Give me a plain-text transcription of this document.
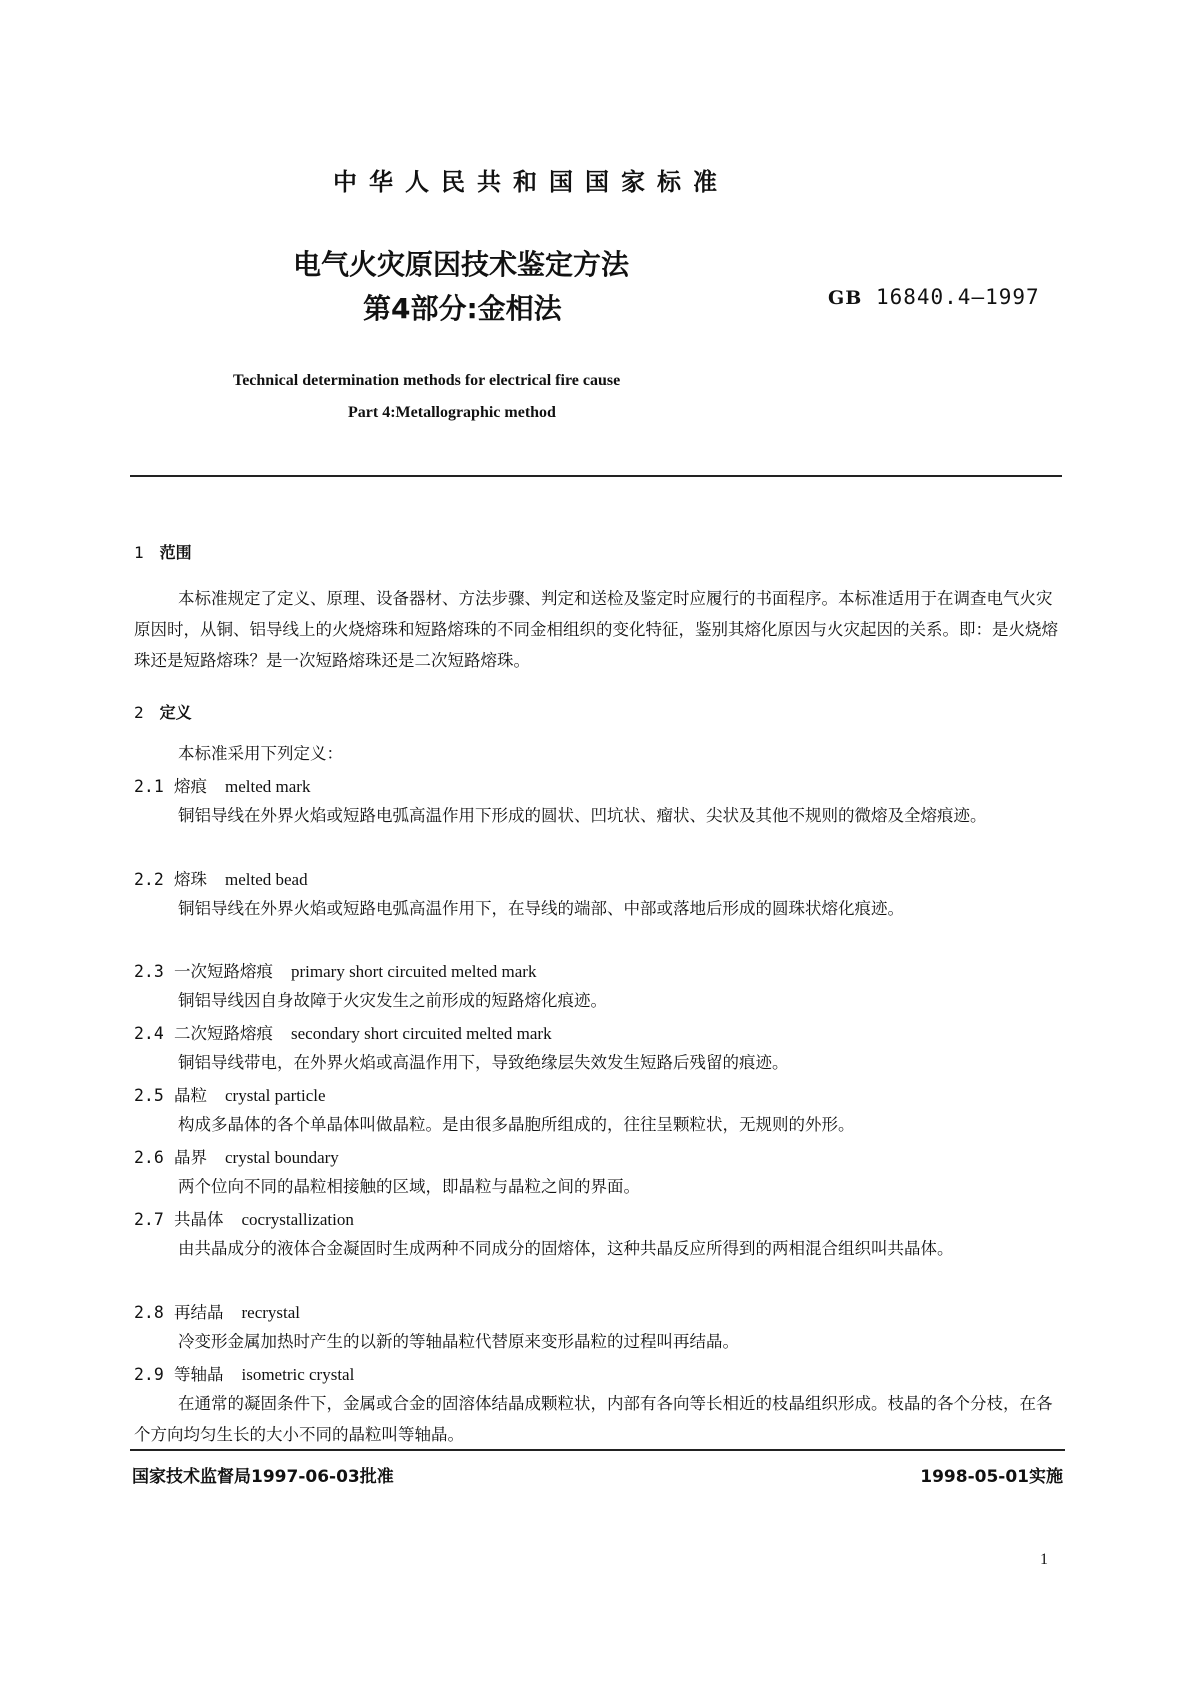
中华人民共和国国家标准
电气火灾原因技术鉴定方法
第4部分:金相法	GB 16840.4—1997
Technical determination methods for electrical fire cause
Part 4:Metallographic method
1 范围
本标准规定了定义、原理、设备器材、方法步骤、判定和送检及鉴定时应履行的书面程序。本标准适用于在调查电气火灾原因时，从铜、铝导线上的火烧熔珠和短路熔珠的不同金相组织的变化特征，鉴别其熔化原因与火灾起因的关系。即：是火烧熔珠还是短路熔珠？是一次短路熔珠还是二次短路熔珠。
2 定义
本标准采用下列定义：
2.1 熔痕 melted mark
铜铝导线在外界火焰或短路电弧高温作用下形成的圆状、凹坑状、瘤状、尖状及其他不规则的微熔及全熔痕迹。
2.2 熔珠 melted bead
铜铝导线在外界火焰或短路电弧高温作用下，在导线的端部、中部或落地后形成的圆珠状熔化痕迹。
2.3 一次短路熔痕 primary short circuited melted mark
铜铝导线因自身故障于火灾发生之前形成的短路熔化痕迹。
2.4 二次短路熔痕 secondary short circuited melted mark
铜铝导线带电，在外界火焰或高温作用下，导致绝缘层失效发生短路后残留的痕迹。
2.5 晶粒 crystal particle
构成多晶体的各个单晶体叫做晶粒。是由很多晶胞所组成的，往往呈颗粒状，无规则的外形。
2.6 晶界 crystal boundary
两个位向不同的晶粒相接触的区域，即晶粒与晶粒之间的界面。
2.7 共晶体 cocrystallization
由共晶成分的液体合金凝固时生成两种不同成分的固熔体，这种共晶反应所得到的两相混合组织叫共晶体。
2.8 再结晶 recrystal
冷变形金属加热时产生的以新的等轴晶粒代替原来变形晶粒的过程叫再结晶。
2.9 等轴晶 isometric crystal
在通常的凝固条件下，金属或合金的固溶体结晶成颗粒状，内部有各向等长相近的枝晶组织形成。枝晶的各个分枝，在各个方向均匀生长的大小不同的晶粒叫等轴晶。
国家技术监督局1997-06-03批准	1998-05-01实施
1
